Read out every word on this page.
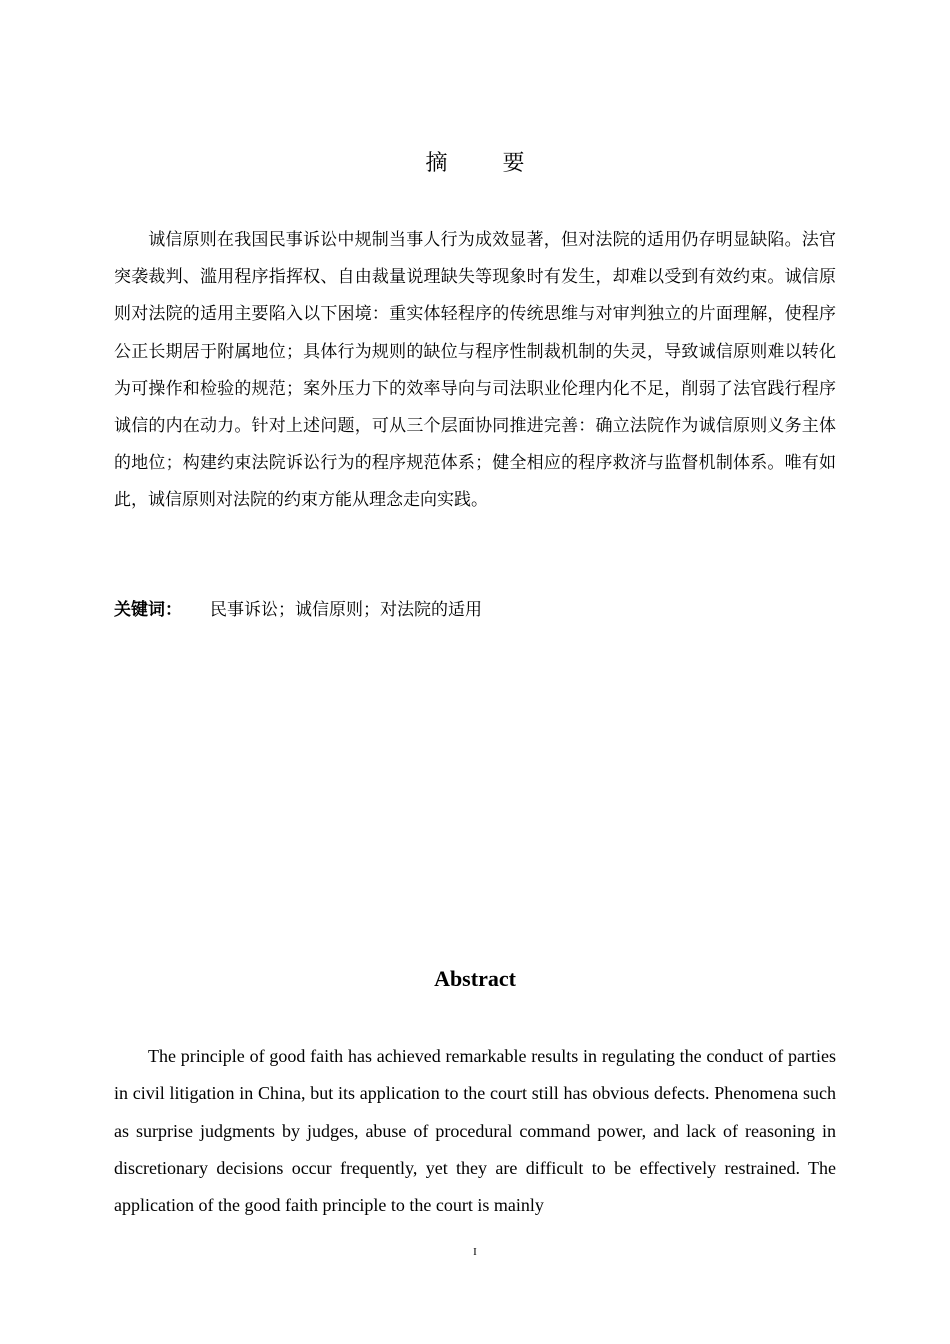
摘 要

诚信原则在我国民事诉讼中规制当事人行为成效显著，但对法院的适用仍存明显缺陷。法官突袭裁判、滥用程序指挥权、自由裁量说理缺失等现象时有发生，却难以受到有效约束。诚信原则对法院的适用主要陷入以下困境：重实体轻程序的传统思维与对审判独立的片面理解，使程序公正长期居于附属地位；具体行为规则的缺位与程序性制裁机制的失灵，导致诚信原则难以转化为可操作和检验的规范；案外压力下的效率导向与司法职业伦理内化不足，削弱了法官践行程序诚信的内在动力。针对上述问题，可从三个层面协同推进完善：确立法院作为诚信原则义务主体的地位；构建约束法院诉讼行为的程序规范体系；健全相应的程序救济与监督机制体系。唯有如此，诚信原则对法院的约束方能从理念走向实践。

关键词： 民事诉讼；诚信原则；对法院的适用
Abstract

The principle of good faith has achieved remarkable results in regulating the conduct of parties in civil litigation in China, but its application to the court still has obvious defects. Phenomena such as surprise judgments by judges, abuse of procedural command power, and lack of reasoning in discretionary decisions occur frequently, yet they are difficult to be effectively restrained. The application of the good faith principle to the court is mainly

I
